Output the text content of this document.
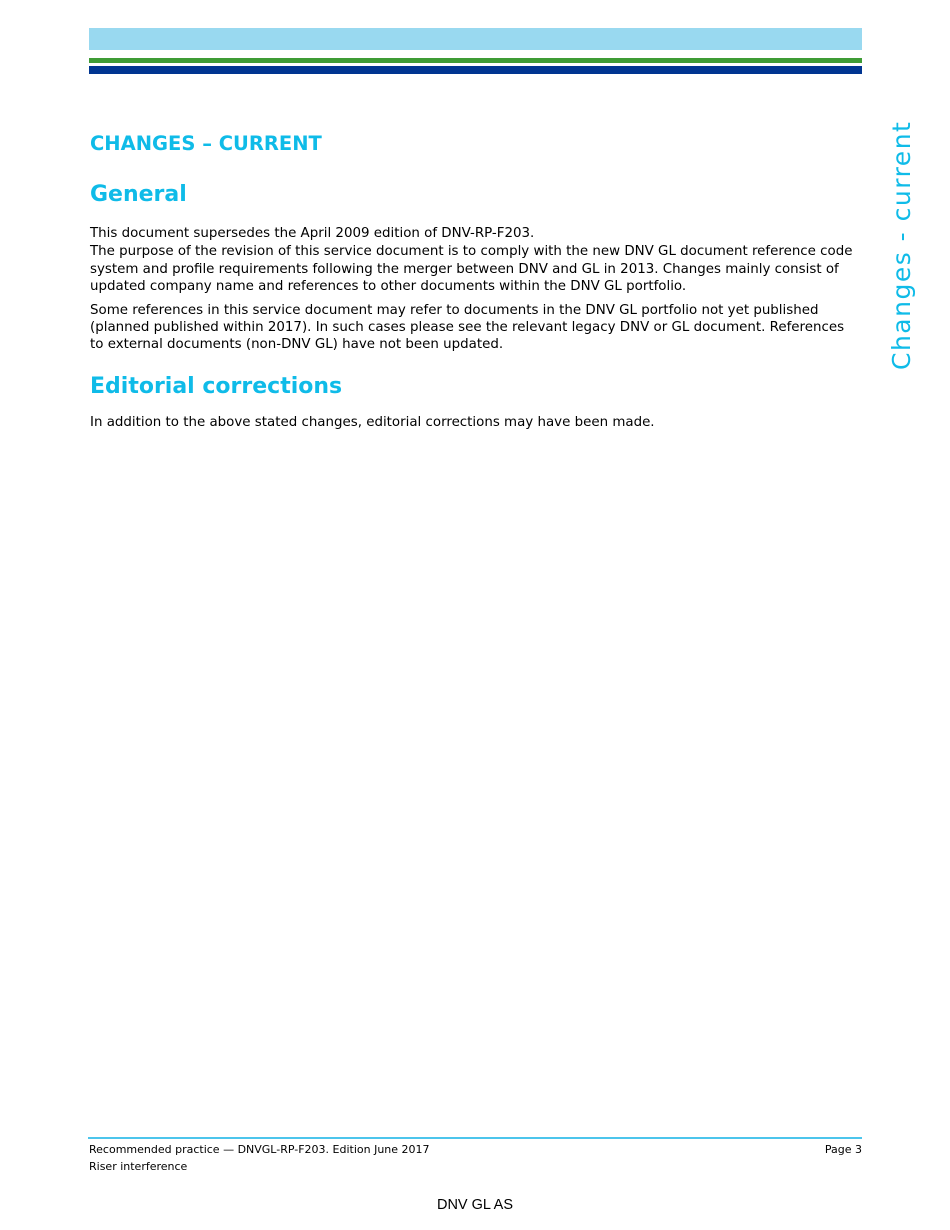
CHANGES – CURRENT
General

This document supersedes the April 2009 edition of DNV-RP-F203.

The purpose of the revision of this service document is to comply with the new DNV GL document reference code system and profile requirements following the merger between DNV and GL in 2013. Changes mainly consist of updated company name and references to other documents within the DNV GL portfolio.

Some references in this service document may refer to documents in the DNV GL portfolio not yet published (planned published within 2017). In such cases please see the relevant legacy DNV or GL document. References to external documents (non-DNV GL) have not been updated.

Editorial corrections

In addition to the above stated changes, editorial corrections may have been made.

Changes - current
Recommended practice — DNVGL-RP-F203. Edition June 2017
Riser interference
Page 3
DNV GL AS
